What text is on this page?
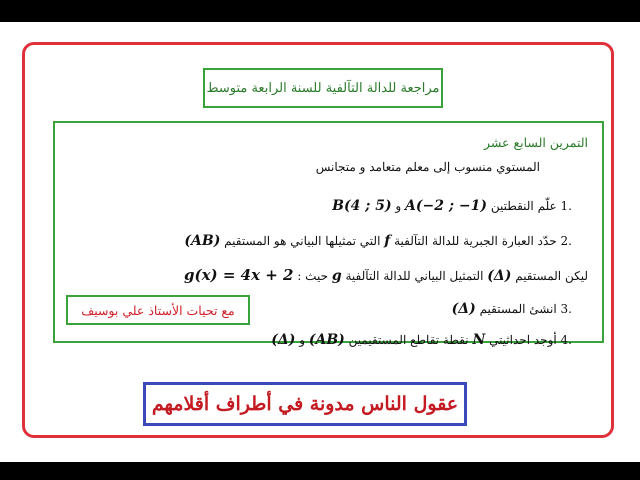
مراجعة للدالة التآلفية للسنة الرابعة متوسط
التمرين السابع عشر
المستوي منسوب إلى معلم متعامد و متجانس
.1 علّم النقطتين A(−2 ; −1) و B(4 ; 5)
.2 حدّد العبارة الجبرية للدالة التآلفية f التي تمثيلها البياني هو المستقيم (AB)
ليكن المستقيم (Δ) التمثيل البياني للدالة التآلفية g حيث : g(x) = 4x + 2
.3 انشئ المستقيم (Δ)
.4 أوجد احداثيتي N نقطة تقاطع المستقيمين (AB) و (Δ)
مع تحيات الأستاذ علي بوسيف
عقول الناس مدونة في أطراف أقلامهم
